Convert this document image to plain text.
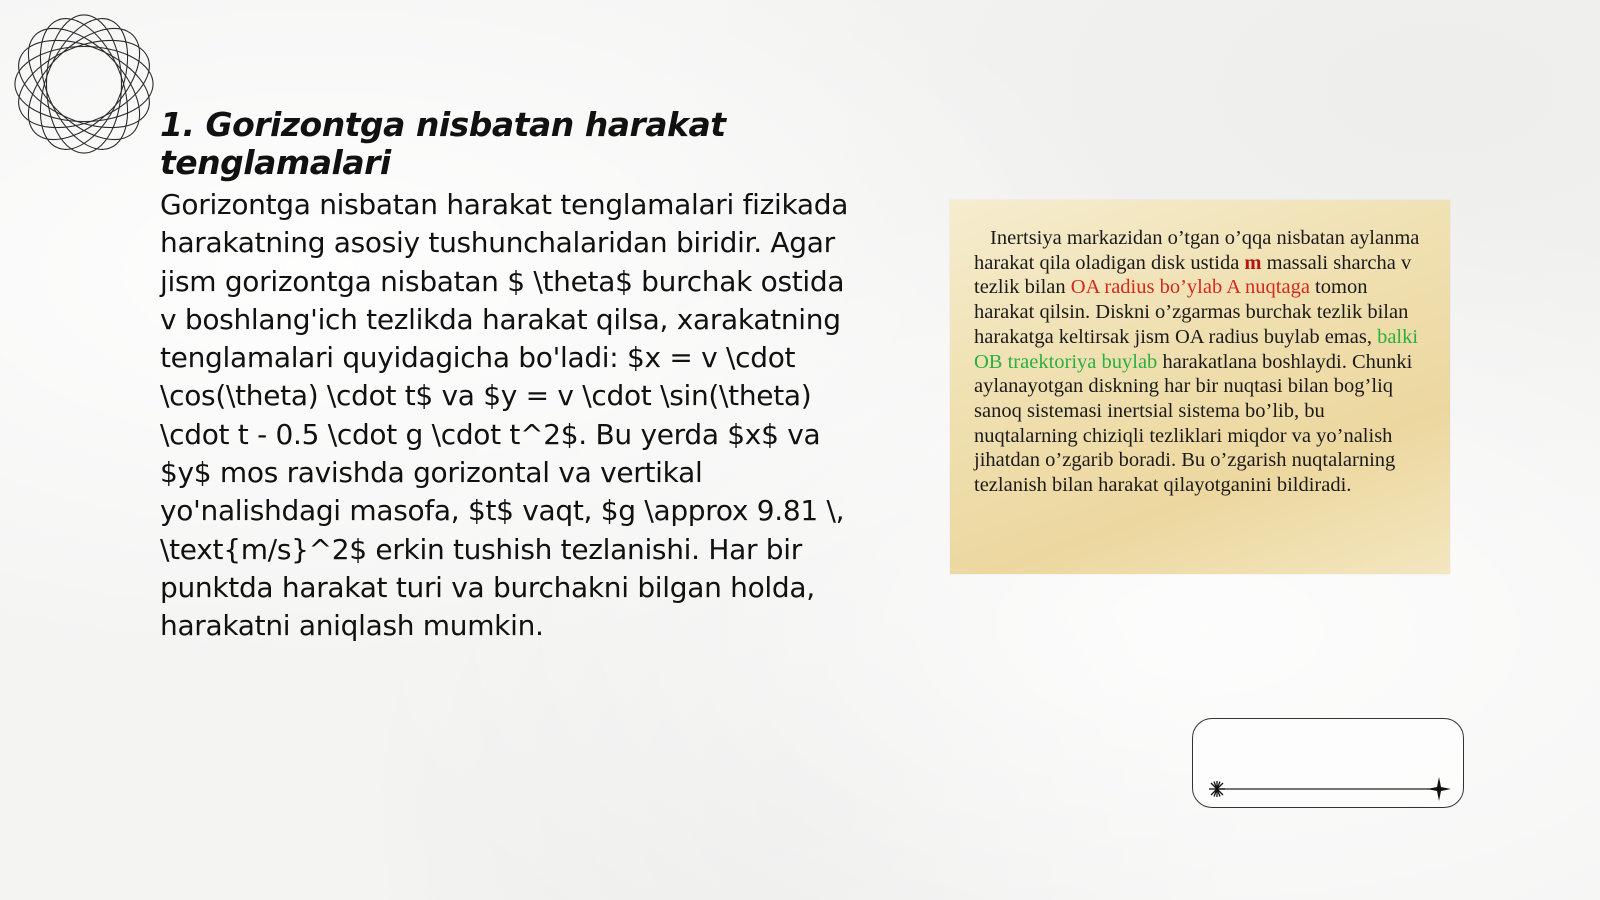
1. Gorizontga nisbatan harakat tenglamalari

Gorizontga nisbatan harakat tenglamalari fizikada harakatning asosiy tushunchalaridan biridir. Agar jism gorizontga nisbatan $ \theta$ burchak ostida v boshlang'ich tezlikda harakat qilsa, xarakatning tenglamalari quyidagicha bo'ladi: $x = v \cdot \cos(\theta) \cdot t$ va $y = v \cdot \sin(\theta) \cdot t - 0.5 \cdot g \cdot t^2$. Bu yerda $x$ va $y$ mos ravishda gorizontal va vertikal yo'nalishdagi masofa, $t$ vaqt, $g \approx 9.81 \, \text{m/s}^2$ erkin tushish tezlanishi. Har bir punktda harakat turi va burchakni bilgan holda, harakatni aniqlash mumkin.

Inertsiya markazidan o’tgan o’qqa nisbatan aylanma harakat qila oladigan disk ustida m massali sharcha v tezlik bilan OA radius bo’ylab A nuqtaga tomon harakat qilsin. Diskni o’zgarmas burchak tezlik bilan harakatga keltirsak jism OA radius buylab emas, balki OB traektoriya buylab harakatlana boshlaydi. Chunki aylanayotgan diskning har bir nuqtasi bilan bog’liq sanoq sistemasi inertsial sistema bo’lib, bu nuqtalarning chiziqli tezliklari miqdor va yo’nalish jihatdan o’zgarib boradi. Bu o’zgarish nuqtalarning tezlanish bilan harakat qilayotganini bildiradi.
